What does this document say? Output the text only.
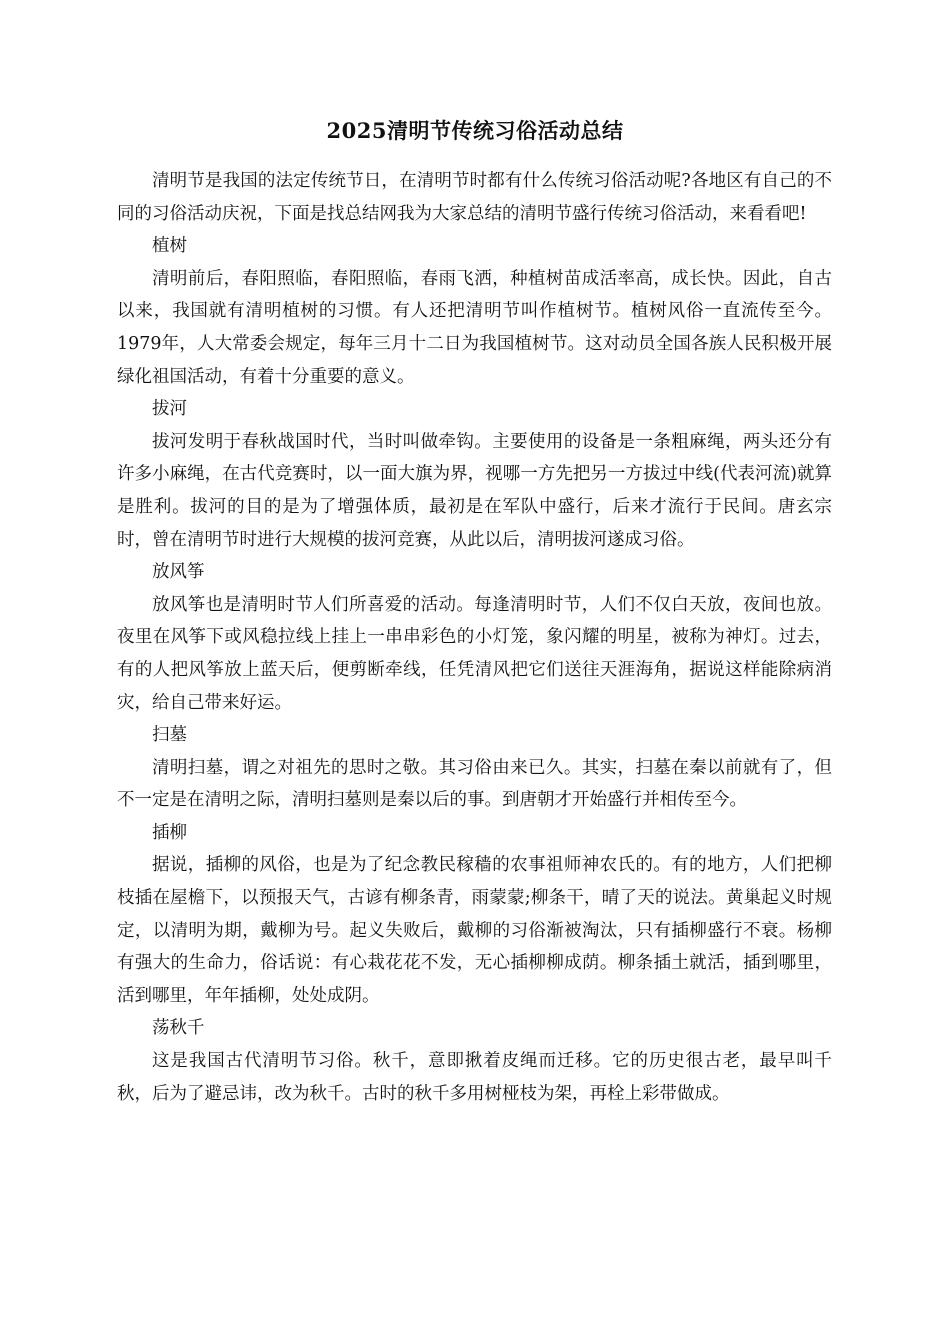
2025清明节传统习俗活动总结

清明节是我国的法定传统节日，在清明节时都有什么传统习俗活动呢?各地区有自己的不同的习俗活动庆祝，下面是找总结网我为大家总结的清明节盛行传统习俗活动，来看看吧!

植树

清明前后，春阳照临，春阳照临，春雨飞洒，种植树苗成活率高，成长快。因此，自古以来，我国就有清明植树的习惯。有人还把清明节叫作植树节。植树风俗一直流传至今。1979年，人大常委会规定，每年三月十二日为我国植树节。这对动员全国各族人民积极开展绿化祖国活动，有着十分重要的意义。

拔河

拔河发明于春秋战国时代，当时叫做牵钩。主要使用的设备是一条粗麻绳，两头还分有许多小麻绳，在古代竞赛时，以一面大旗为界，视哪一方先把另一方拔过中线(代表河流)就算是胜利。拔河的目的是为了增强体质，最初是在军队中盛行，后来才流行于民间。唐玄宗时，曾在清明节时进行大规模的拔河竞赛，从此以后，清明拔河遂成习俗。

放风筝

放风筝也是清明时节人们所喜爱的活动。每逢清明时节，人们不仅白天放，夜间也放。夜里在风筝下或风稳拉线上挂上一串串彩色的小灯笼，象闪耀的明星，被称为神灯。过去，有的人把风筝放上蓝天后，便剪断牵线，任凭清风把它们送往天涯海角，据说这样能除病消灾，给自己带来好运。

扫墓

清明扫墓，谓之对祖先的思时之敬。其习俗由来已久。其实，扫墓在秦以前就有了，但不一定是在清明之际，清明扫墓则是秦以后的事。到唐朝才开始盛行并相传至今。

插柳

据说，插柳的风俗，也是为了纪念教民稼穑的农事祖师神农氏的。有的地方，人们把柳枝插在屋檐下，以预报天气，古谚有柳条青，雨蒙蒙;柳条干，晴了天的说法。黄巢起义时规定，以清明为期，戴柳为号。起义失败后，戴柳的习俗渐被淘汰，只有插柳盛行不衰。杨柳有强大的生命力，俗话说：有心栽花花不发，无心插柳柳成荫。柳条插土就活，插到哪里，活到哪里，年年插柳，处处成阴。

荡秋千

这是我国古代清明节习俗。秋千，意即揪着皮绳而迁移。它的历史很古老，最早叫千秋，后为了避忌讳，改为秋千。古时的秋千多用树桠枝为架，再栓上彩带做成。
